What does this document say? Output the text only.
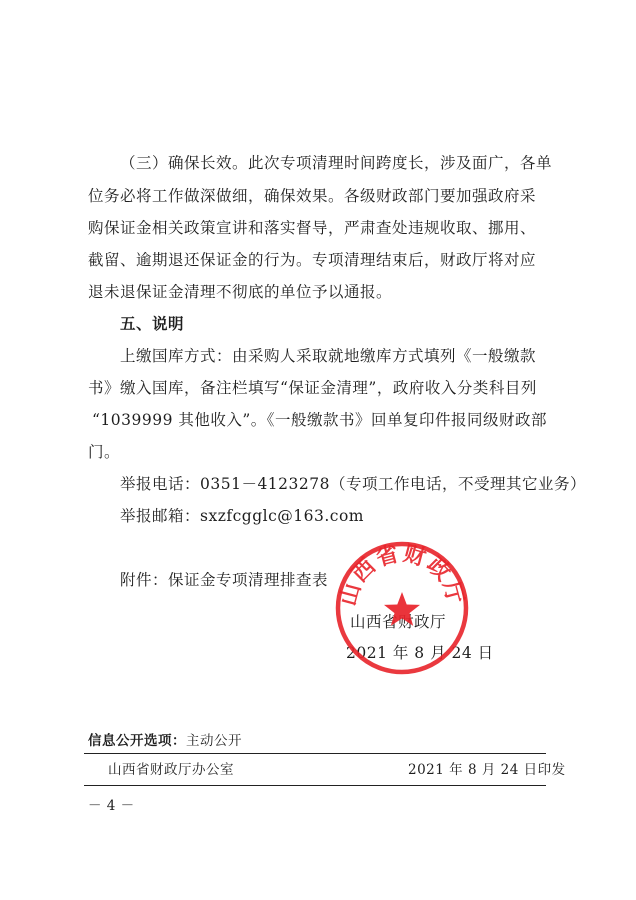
（三）确保长效。此次专项清理时间跨度长，涉及面广，各单
位务必将工作做深做细，确保效果。各级财政部门要加强政府采
购保证金相关政策宣讲和落实督导，严肃查处违规收取、挪用、
截留、逾期退还保证金的行为。专项清理结束后，财政厅将对应
退未退保证金清理不彻底的单位予以通报。
五、说明
上缴国库方式：由采购人采取就地缴库方式填列《一般缴款
书》缴入国库，备注栏填写“保证金清理”，政府收入分类科目列
“1039999 其他收入”。《一般缴款书》回单复印件报同级财政部
门。
举报电话：0351－4123278（专项工作电话，不受理其它业务）
举报邮箱：sxzfcgglc@163.com
附件：保证金专项清理排查表
山西省财政厅
2021 年 8 月 24 日
山西省财政厅
信息公开选项：主动公开
山西省财政厅办公室	2021 年 8 月 24 日印发
－ 4 －
